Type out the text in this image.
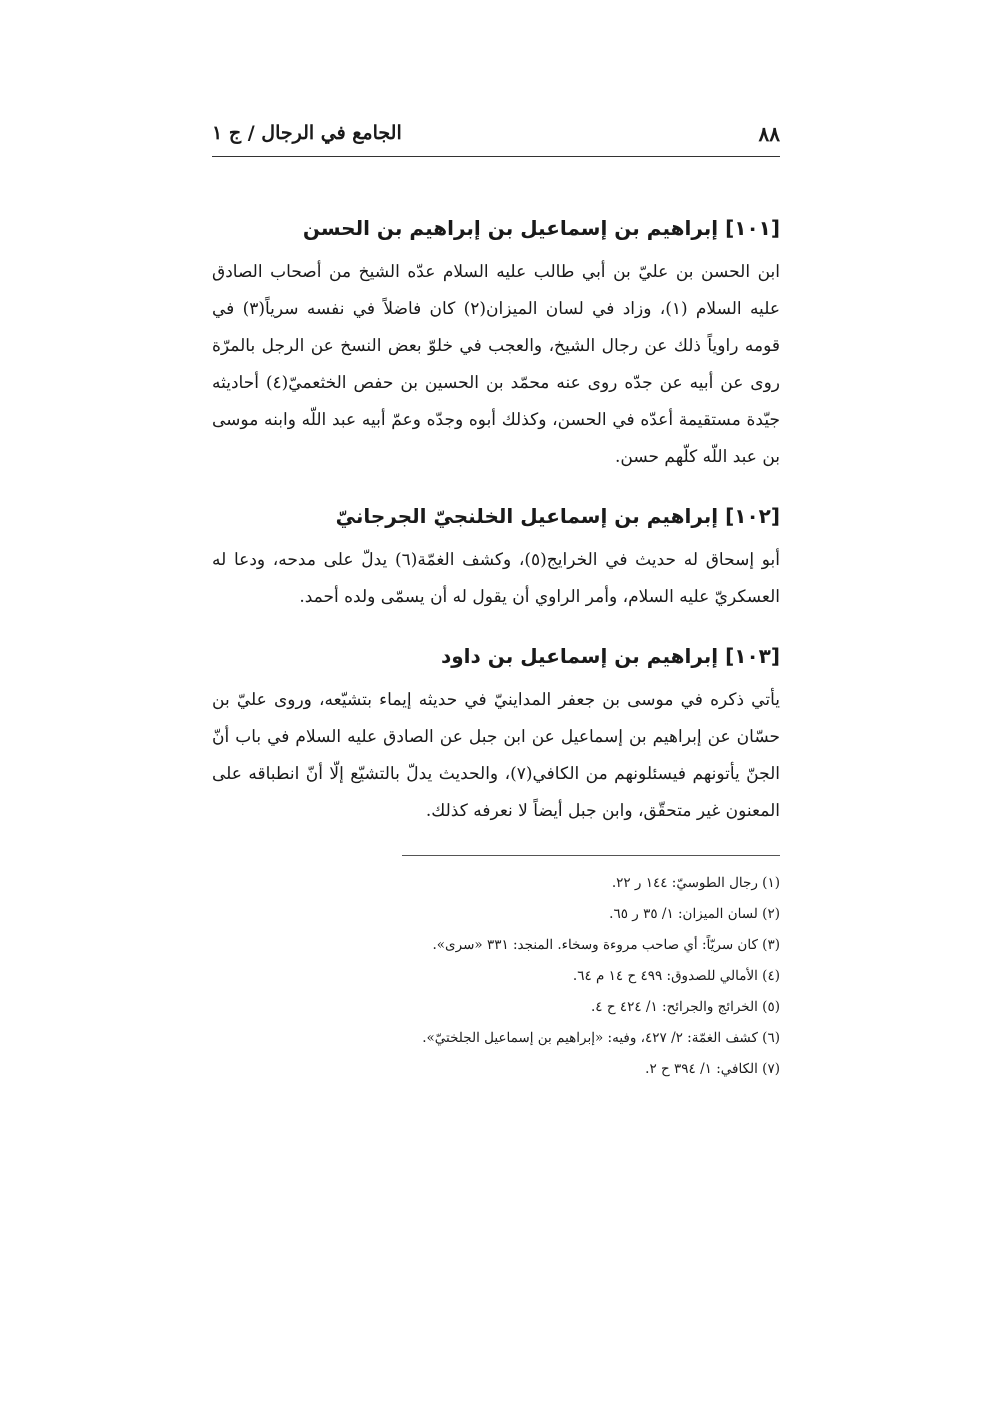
٨٨
الجامع في الرجال / ج ١
[١٠١] إبراهيم بن إسماعيل بن إبراهيم بن الحسن

ابن الحسن بن عليّ بن أبي طالب عليه السلام عدّه الشيخ من أصحاب الصادق عليه السلام (١)، وزاد في لسان الميزان(٢) كان فاضلاً في نفسه سرياً(٣) في قومه راوياً ذلك عن رجال الشيخ، والعجب في خلوّ بعض النسخ عن الرجل بالمرّة روى عن أبيه عن جدّه روى عنه محمّد بن الحسين بن حفص الخثعميّ(٤) أحاديثه جيّدة مستقيمة أعدّه في الحسن، وكذلك أبوه وجدّه وعمّ أبيه عبد اللّه وابنه موسى بن عبد اللّه كلّهم حسن.

[١٠٢] إبراهيم بن إسماعيل الخلنجيّ الجرجانيّ

أبو إسحاق له حديث في الخرايج(٥)، وكشف الغمّة(٦) يدلّ على مدحه، ودعا له العسكريّ عليه السلام، وأمر الراوي أن يقول له أن يسمّى ولده أحمد.

[١٠٣] إبراهيم بن إسماعيل بن داود

يأتي ذكره في موسى بن جعفر المداينيّ في حديثه إيماء بتشيّعه، وروى عليّ بن حسّان عن إبراهيم بن إسماعيل عن ابن جبل عن الصادق عليه السلام في باب أنّ الجنّ يأتونهم فيسئلونهم من الكافي(٧)، والحديث يدلّ بالتشيّع إلّا أنّ انطباقه على المعنون غير متحقّق، وابن جبل أيضاً لا نعرفه كذلك.

(١) رجال الطوسيّ: ١٤٤ ر ٢٢.
(٢) لسان الميزان: ١/ ٣٥ ر ٦٥.
(٣) كان سريّاً: أي صاحب مروءة وسخاء. المنجد: ٣٣١ «سرى».
(٤) الأمالي للصدوق: ٤٩٩ ح ١٤ م ٦٤.
(٥) الخرائج والجرائح: ١/ ٤٢٤ ح ٤.
(٦) كشف الغمّة: ٢/ ٤٢٧، وفيه: «إبراهيم بن إسماعيل الجلختيّ».
(٧) الكافي: ١/ ٣٩٤ ح ٢.
